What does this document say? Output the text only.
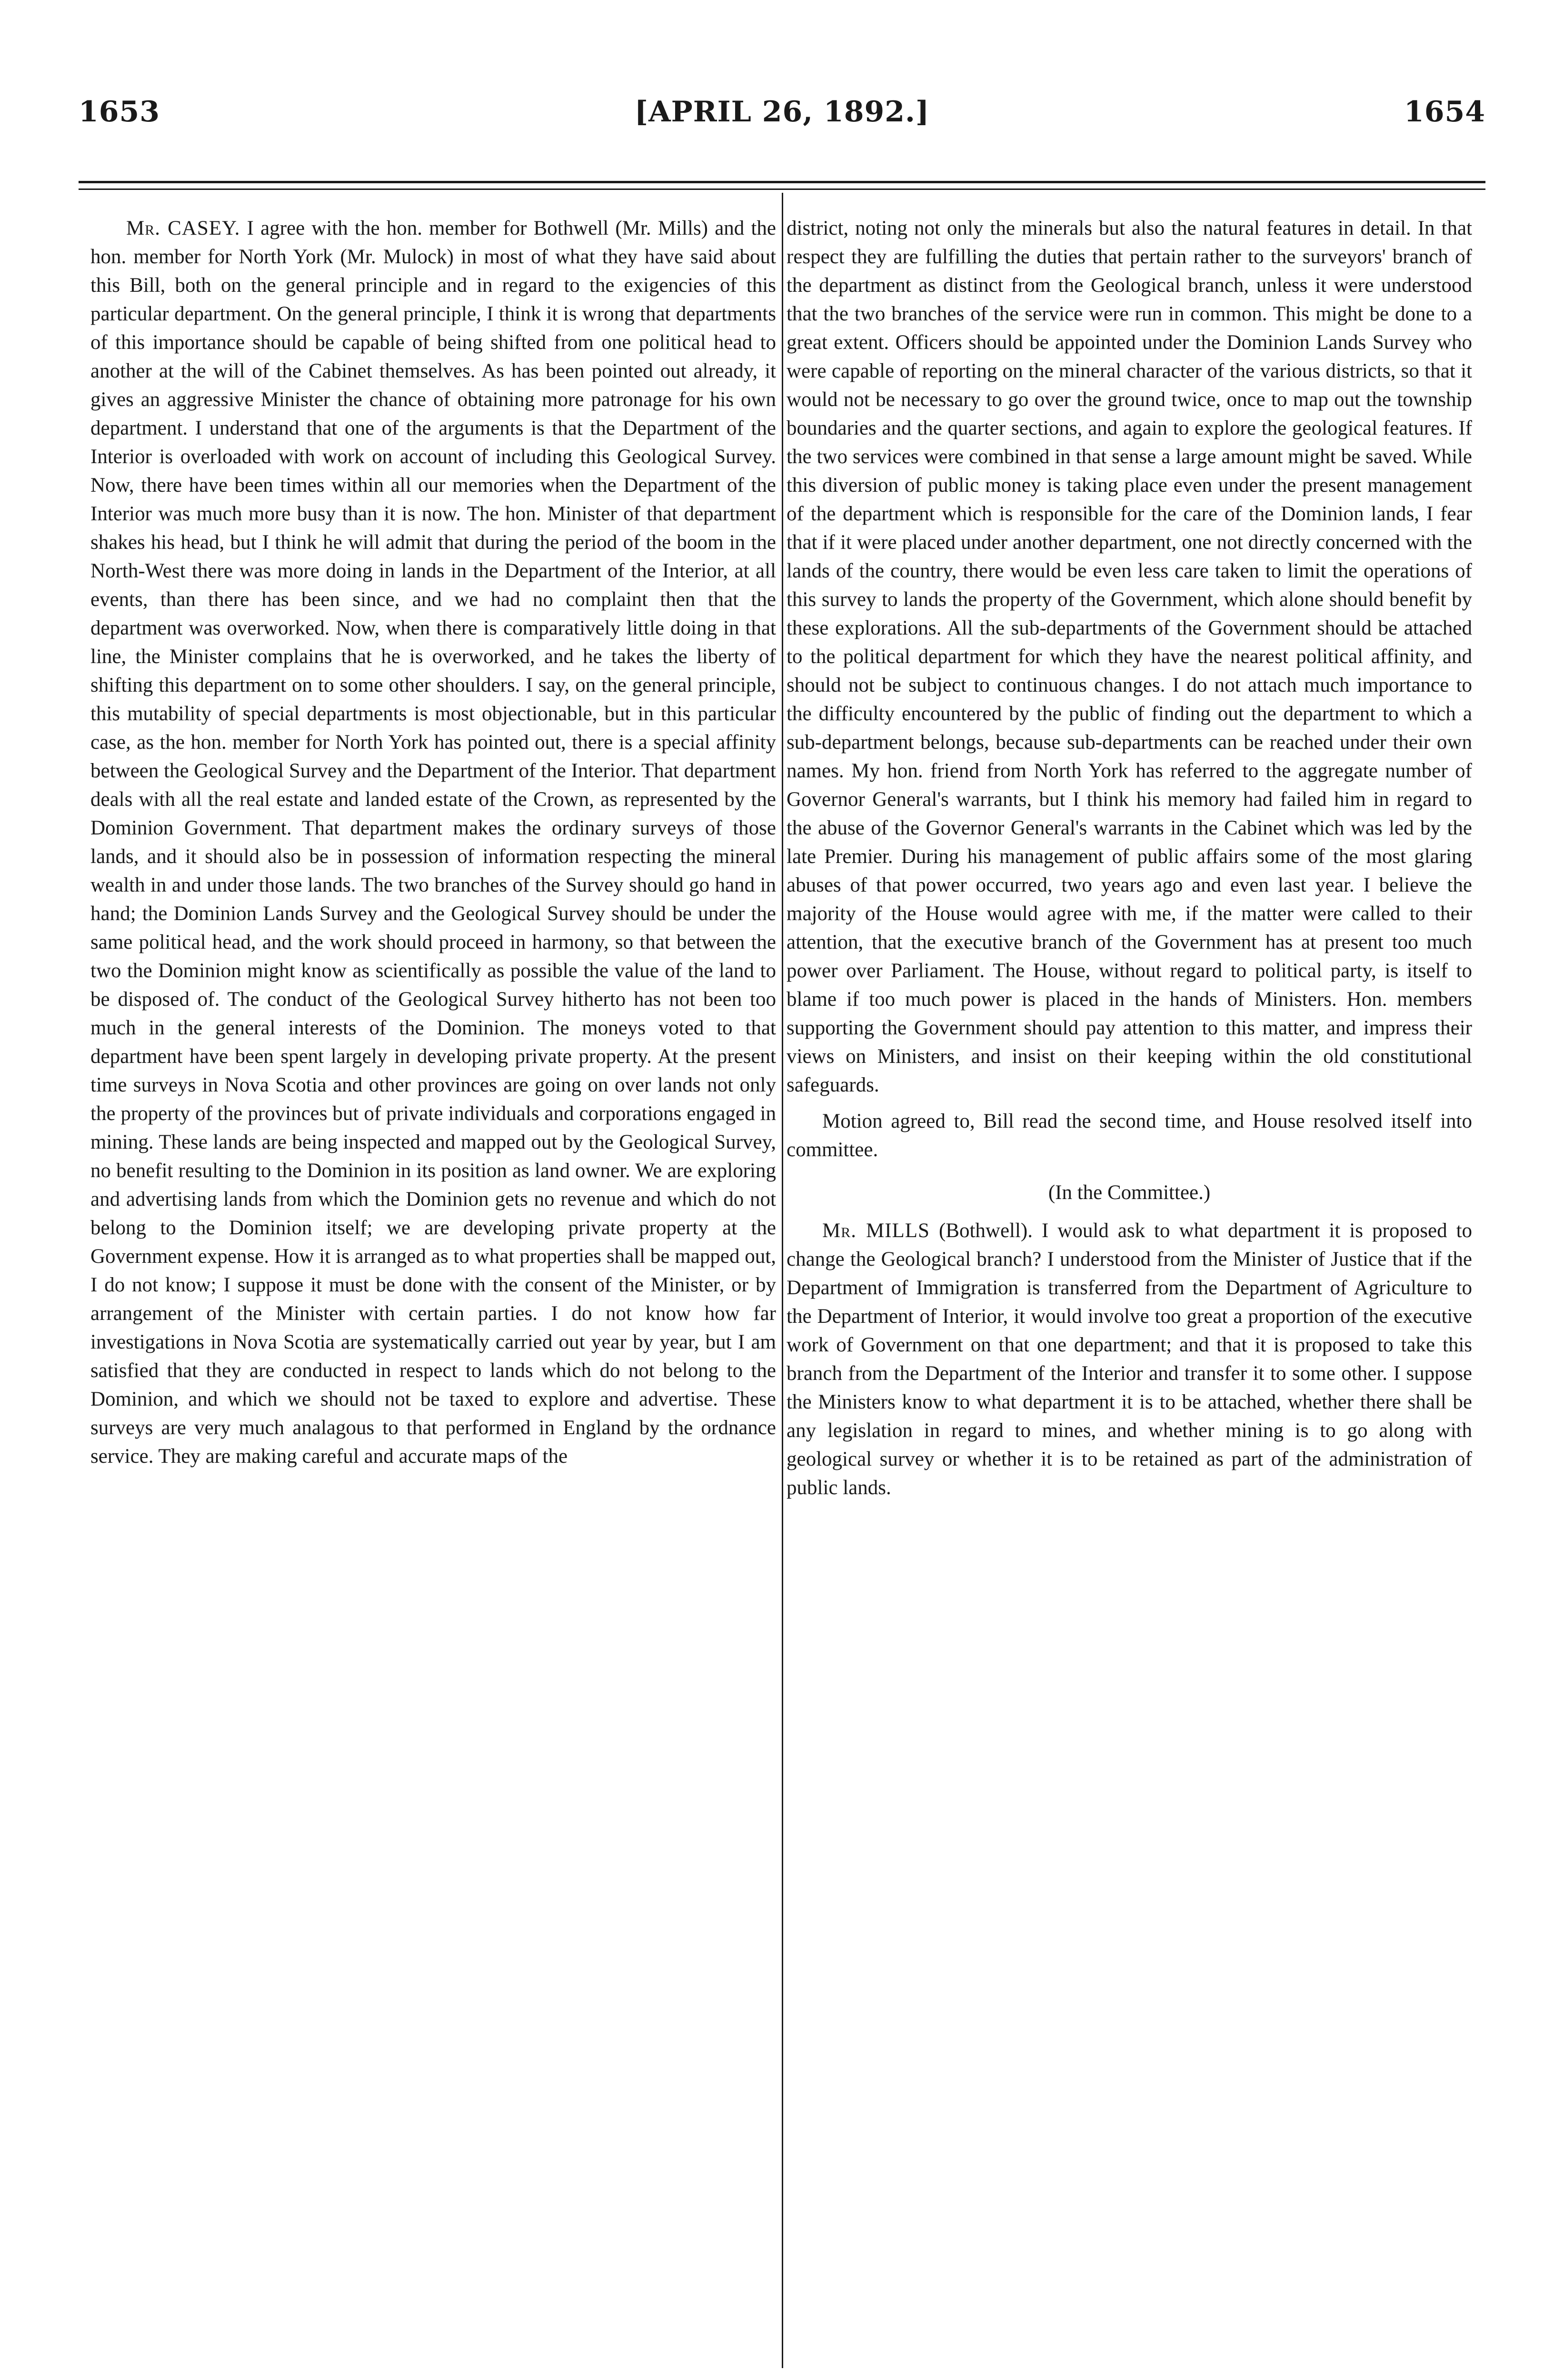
1653	[APRIL 26, 1892.]	1654

Mr. CASEY. I agree with the hon. member for Bothwell (Mr. Mills) and the hon. member for North York (Mr. Mulock) in most of what they have said about this Bill, both on the general principle and in regard to the exigencies of this particular department. On the general principle, I think it is wrong that departments of this importance should be capable of being shifted from one political head to another at the will of the Cabinet themselves. As has been pointed out already, it gives an aggressive Minister the chance of obtaining more patronage for his own department. I understand that one of the arguments is that the Department of the Interior is overloaded with work on account of including this Geological Survey. Now, there have been times within all our memories when the Department of the Interior was much more busy than it is now. The hon. Minister of that department shakes his head, but I think he will admit that during the period of the boom in the North-West there was more doing in lands in the Department of the Interior, at all events, than there has been since, and we had no complaint then that the department was overworked. Now, when there is comparatively little doing in that line, the Minister complains that he is overworked, and he takes the liberty of shifting this department on to some other shoulders. I say, on the general principle, this mutability of special departments is most objectionable, but in this particular case, as the hon. member for North York has pointed out, there is a special affinity between the Geological Survey and the Department of the Interior. That department deals with all the real estate and landed estate of the Crown, as represented by the Dominion Government. That department makes the ordinary surveys of those lands, and it should also be in possession of information respecting the mineral wealth in and under those lands. The two branches of the Survey should go hand in hand; the Dominion Lands Survey and the Geological Survey should be under the same political head, and the work should proceed in harmony, so that between the two the Dominion might know as scientifically as possible the value of the land to be disposed of. The conduct of the Geological Survey hitherto has not been too much in the general interests of the Dominion. The moneys voted to that department have been spent largely in developing private property. At the present time surveys in Nova Scotia and other provinces are going on over lands not only the property of the provinces but of private individuals and corporations engaged in mining. These lands are being inspected and mapped out by the Geological Survey, no benefit resulting to the Dominion in its position as land owner. We are exploring and advertising lands from which the Dominion gets no revenue and which do not belong to the Dominion itself; we are developing private property at the Government expense. How it is arranged as to what properties shall be mapped out, I do not know; I suppose it must be done with the consent of the Minister, or by arrangement of the Minister with certain parties. I do not know how far investigations in Nova Scotia are systematically carried out year by year, but I am satisfied that they are conducted in respect to lands which do not belong to the Dominion, and which we should not be taxed to explore and advertise. These surveys are very much analagous to that performed in England by the ordnance service. They are making careful and accurate maps of the

district, noting not only the minerals but also the natural features in detail. In that respect they are fulfilling the duties that pertain rather to the surveyors' branch of the department as distinct from the Geological branch, unless it were understood that the two branches of the service were run in common. This might be done to a great extent. Officers should be appointed under the Dominion Lands Survey who were capable of reporting on the mineral character of the various districts, so that it would not be necessary to go over the ground twice, once to map out the township boundaries and the quarter sections, and again to explore the geological features. If the two services were combined in that sense a large amount might be saved. While this diversion of public money is taking place even under the present management of the department which is responsible for the care of the Dominion lands, I fear that if it were placed under another department, one not directly concerned with the lands of the country, there would be even less care taken to limit the operations of this survey to lands the property of the Government, which alone should benefit by these explorations. All the sub-departments of the Government should be attached to the political department for which they have the nearest political affinity, and should not be subject to continuous changes. I do not attach much importance to the difficulty encountered by the public of finding out the department to which a sub-department belongs, because sub-departments can be reached under their own names. My hon. friend from North York has referred to the aggregate number of Governor General's warrants, but I think his memory had failed him in regard to the abuse of the Governor General's warrants in the Cabinet which was led by the late Premier. During his management of public affairs some of the most glaring abuses of that power occurred, two years ago and even last year. I believe the majority of the House would agree with me, if the matter were called to their attention, that the executive branch of the Government has at present too much power over Parliament. The House, without regard to political party, is itself to blame if too much power is placed in the hands of Ministers. Hon. members supporting the Government should pay attention to this matter, and impress their views on Ministers, and insist on their keeping within the old constitutional safeguards.

Motion agreed to, Bill read the second time, and House resolved itself into committee.

(In the Committee.)

Mr. MILLS (Bothwell). I would ask to what department it is proposed to change the Geological branch? I understood from the Minister of Justice that if the Department of Immigration is transferred from the Department of Agriculture to the Department of Interior, it would involve too great a proportion of the executive work of Government on that one department; and that it is proposed to take this branch from the Department of the Interior and transfer it to some other. I suppose the Ministers know to what department it is to be attached, whether there shall be any legislation in regard to mines, and whether mining is to go along with geological survey or whether it is to be retained as part of the administration of public lands.
